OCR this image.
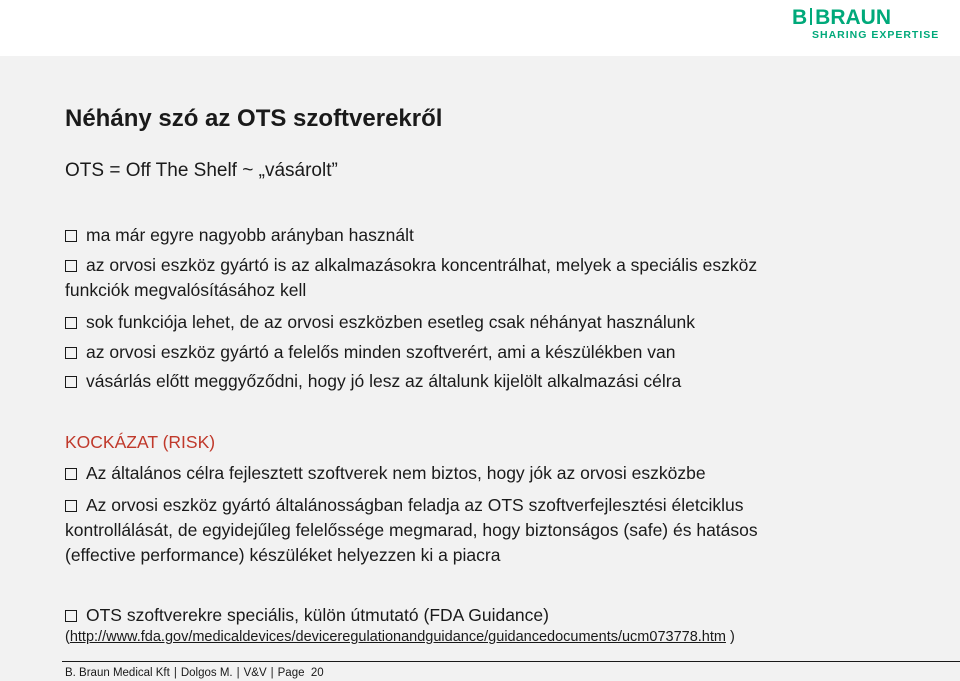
B BRAUN
SHARING EXPERTISE
Néhány szó az OTS szoftverekről
OTS = Off The Shelf ~ „vásárolt”
ma már egyre nagyobb arányban használt
az orvosi eszköz gyártó is az alkalmazásokra koncentrálhat, melyek a speciális eszköz
funkciók megvalósításához kell
sok funkciója lehet, de az orvosi eszközben esetleg csak néhányat használunk
az orvosi eszköz gyártó a felelős minden szoftverért, ami a készülékben van
vásárlás előtt meggyőződni, hogy jó lesz az általunk kijelölt alkalmazási célra
KOCKÁZAT (RISK)
Az általános célra fejlesztett szoftverek nem biztos, hogy jók az orvosi eszközbe
Az orvosi eszköz gyártó általánosságban feladja az OTS szoftverfejlesztési életciklus
kontrollálását, de egyidejűleg felelőssége megmarad, hogy biztonságos (safe) és hatásos
(effective performance) készüléket helyezzen ki a piacra
OTS szoftverekre speciális, külön útmutató (FDA Guidance)
(http://www.fda.gov/medicaldevices/deviceregulationandguidance/guidancedocuments/ucm073778.htm )
B. Braun Medical Kft | Dolgos M. | V&V | Page 20
